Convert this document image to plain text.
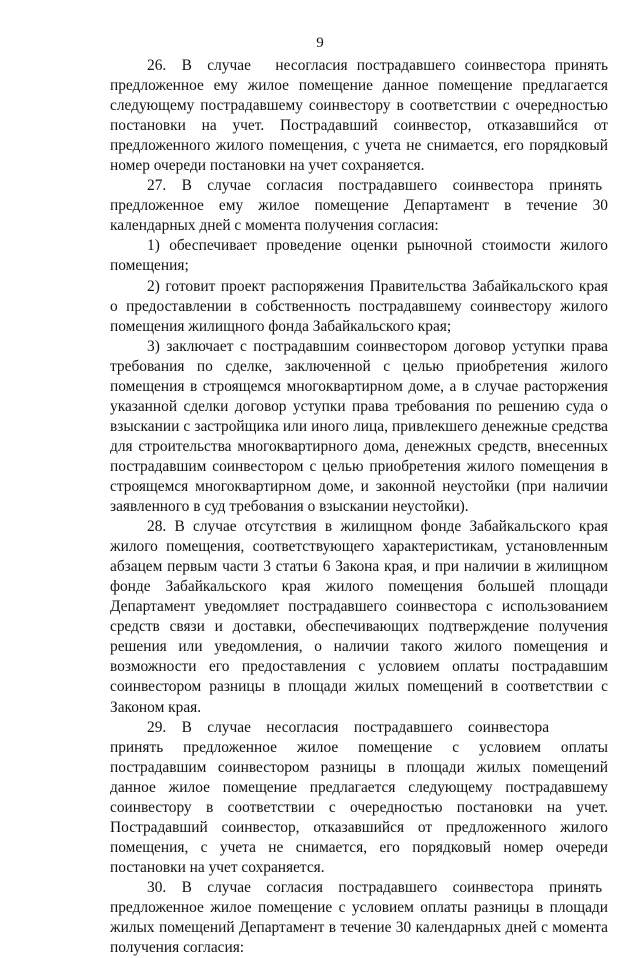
9

26. В случае  несогласия пострадавшего соинвестора принять предложенное ему жилое помещение данное помещение предлагается следующему пострадавшему соинвестору в соответствии с очередностью постановки на учет. Пострадавший соинвестор, отказавшийся от предложенного жилого помещения, с учета не снимается, его порядковый номер очереди постановки на учет сохраняется.

27. В случае согласия пострадавшего соинвестора принять предложенное ему жилое помещение Департамент в течение 30 календарных дней с момента получения согласия:

1) обеспечивает проведение оценки рыночной стоимости жилого помещения;

2) готовит проект распоряжения Правительства Забайкальского края о предоставлении в собственность пострадавшему соинвестору жилого помещения жилищного фонда Забайкальского края;

3) заключает с пострадавшим соинвестором договор уступки права требования по сделке, заключенной с целью приобретения жилого помещения в строящемся многоквартирном доме, а в случае расторжения указанной сделки договор уступки права требования по решению суда о взыскании с застройщика или иного лица, привлекшего денежные средства для строительства многоквартирного дома, денежных средств, внесенных пострадавшим соинвестором с целью приобретения жилого помещения в строящемся многоквартирном доме, и законной неустойки (при наличии заявленного в суд требования о взыскании неустойки).

28. В случае отсутствия в жилищном фонде Забайкальского края жилого помещения, соответствующего характеристикам, установленным абзацем первым части 3 статьи 6 Закона края, и при наличии в жилищном фонде Забайкальского края жилого помещения большей площади Департамент уведомляет пострадавшего соинвестора с использованием средств связи и доставки, обеспечивающих подтверждение получения решения или уведомления, о наличии такого жилого помещения и возможности его предоставления с условием оплаты пострадавшим соинвестором разницы в площади жилых помещений в соответствии с Законом края.

29. В случае несогласия пострадавшего соинвестора принять предложенное жилое помещение с условием оплаты пострадавшим соинвестором разницы в площади жилых помещений данное жилое помещение предлагается следующему пострадавшему соинвестору в соответствии с очередностью постановки на учет. Пострадавший соинвестор, отказавшийся от предложенного жилого помещения, с учета не снимается, его порядковый номер очереди постановки на учет сохраняется.

30. В случае согласия пострадавшего соинвестора принять предложенное жилое помещение с условием оплаты разницы в площади жилых помещений Департамент в течение 30 календарных дней с момента получения согласия:
